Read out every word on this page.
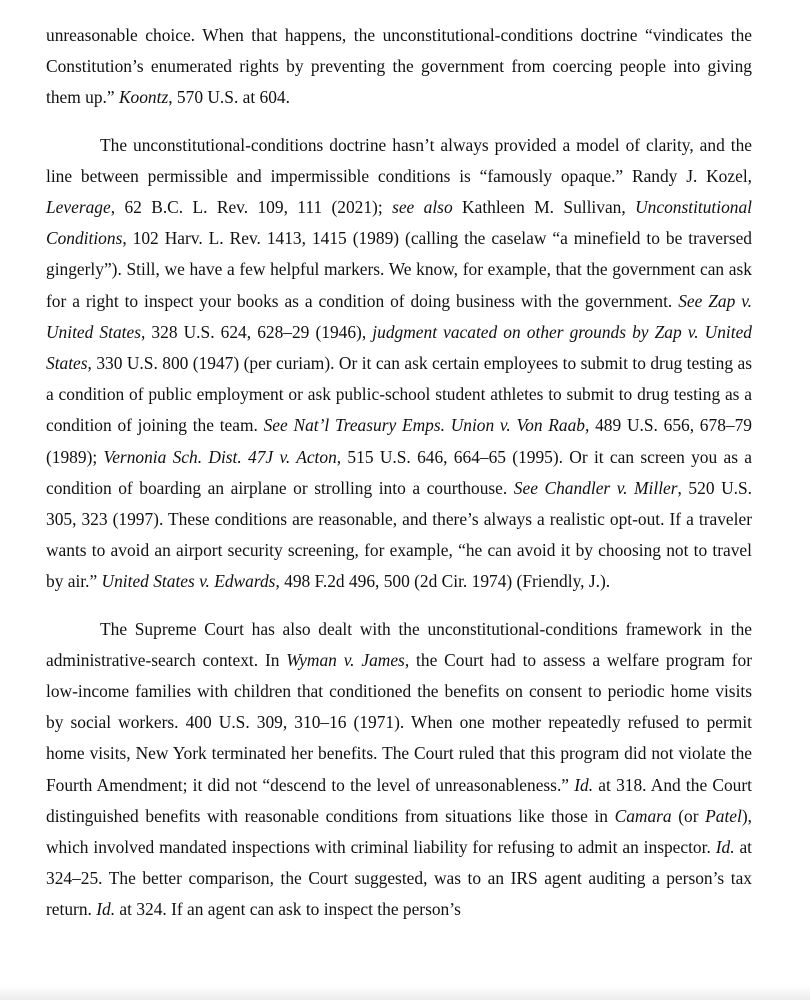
unreasonable choice. When that happens, the unconstitutional-conditions doctrine “vindicates the Constitution’s enumerated rights by preventing the government from coercing people into giving them up.” Koontz, 570 U.S. at 604.

The unconstitutional-conditions doctrine hasn’t always provided a model of clarity, and the line between permissible and impermissible conditions is “famously opaque.” Randy J. Kozel, Leverage, 62 B.C. L. Rev. 109, 111 (2021); see also Kathleen M. Sullivan, Unconstitutional Conditions, 102 Harv. L. Rev. 1413, 1415 (1989) (calling the caselaw “a minefield to be traversed gingerly”). Still, we have a few helpful markers. We know, for example, that the government can ask for a right to inspect your books as a condition of doing business with the government. See Zap v. United States, 328 U.S. 624, 628–29 (1946), judgment vacated on other grounds by Zap v. United States, 330 U.S. 800 (1947) (per curiam). Or it can ask certain employees to submit to drug testing as a condition of public employment or ask public-school student athletes to submit to drug testing as a condition of joining the team. See Nat’l Treasury Emps. Union v. Von Raab, 489 U.S. 656, 678–79 (1989); Vernonia Sch. Dist. 47J v. Acton, 515 U.S. 646, 664–65 (1995). Or it can screen you as a condition of boarding an airplane or strolling into a courthouse. See Chandler v. Miller, 520 U.S. 305, 323 (1997). These conditions are reasonable, and there’s always a realistic opt-out. If a traveler wants to avoid an airport security screening, for example, “he can avoid it by choosing not to travel by air.” United States v. Edwards, 498 F.2d 496, 500 (2d Cir. 1974) (Friendly, J.).

The Supreme Court has also dealt with the unconstitutional-conditions framework in the administrative-search context. In Wyman v. James, the Court had to assess a welfare program for low-income families with children that conditioned the benefits on consent to periodic home visits by social workers. 400 U.S. 309, 310–16 (1971). When one mother repeatedly refused to permit home visits, New York terminated her benefits. The Court ruled that this program did not violate the Fourth Amendment; it did not “descend to the level of unreasonableness.” Id. at 318. And the Court distinguished benefits with reasonable conditions from situations like those in Camara (or Patel), which involved mandated inspections with criminal liability for refusing to admit an inspector. Id. at 324–25. The better comparison, the Court suggested, was to an IRS agent auditing a person’s tax return. Id. at 324. If an agent can ask to inspect the person’s
